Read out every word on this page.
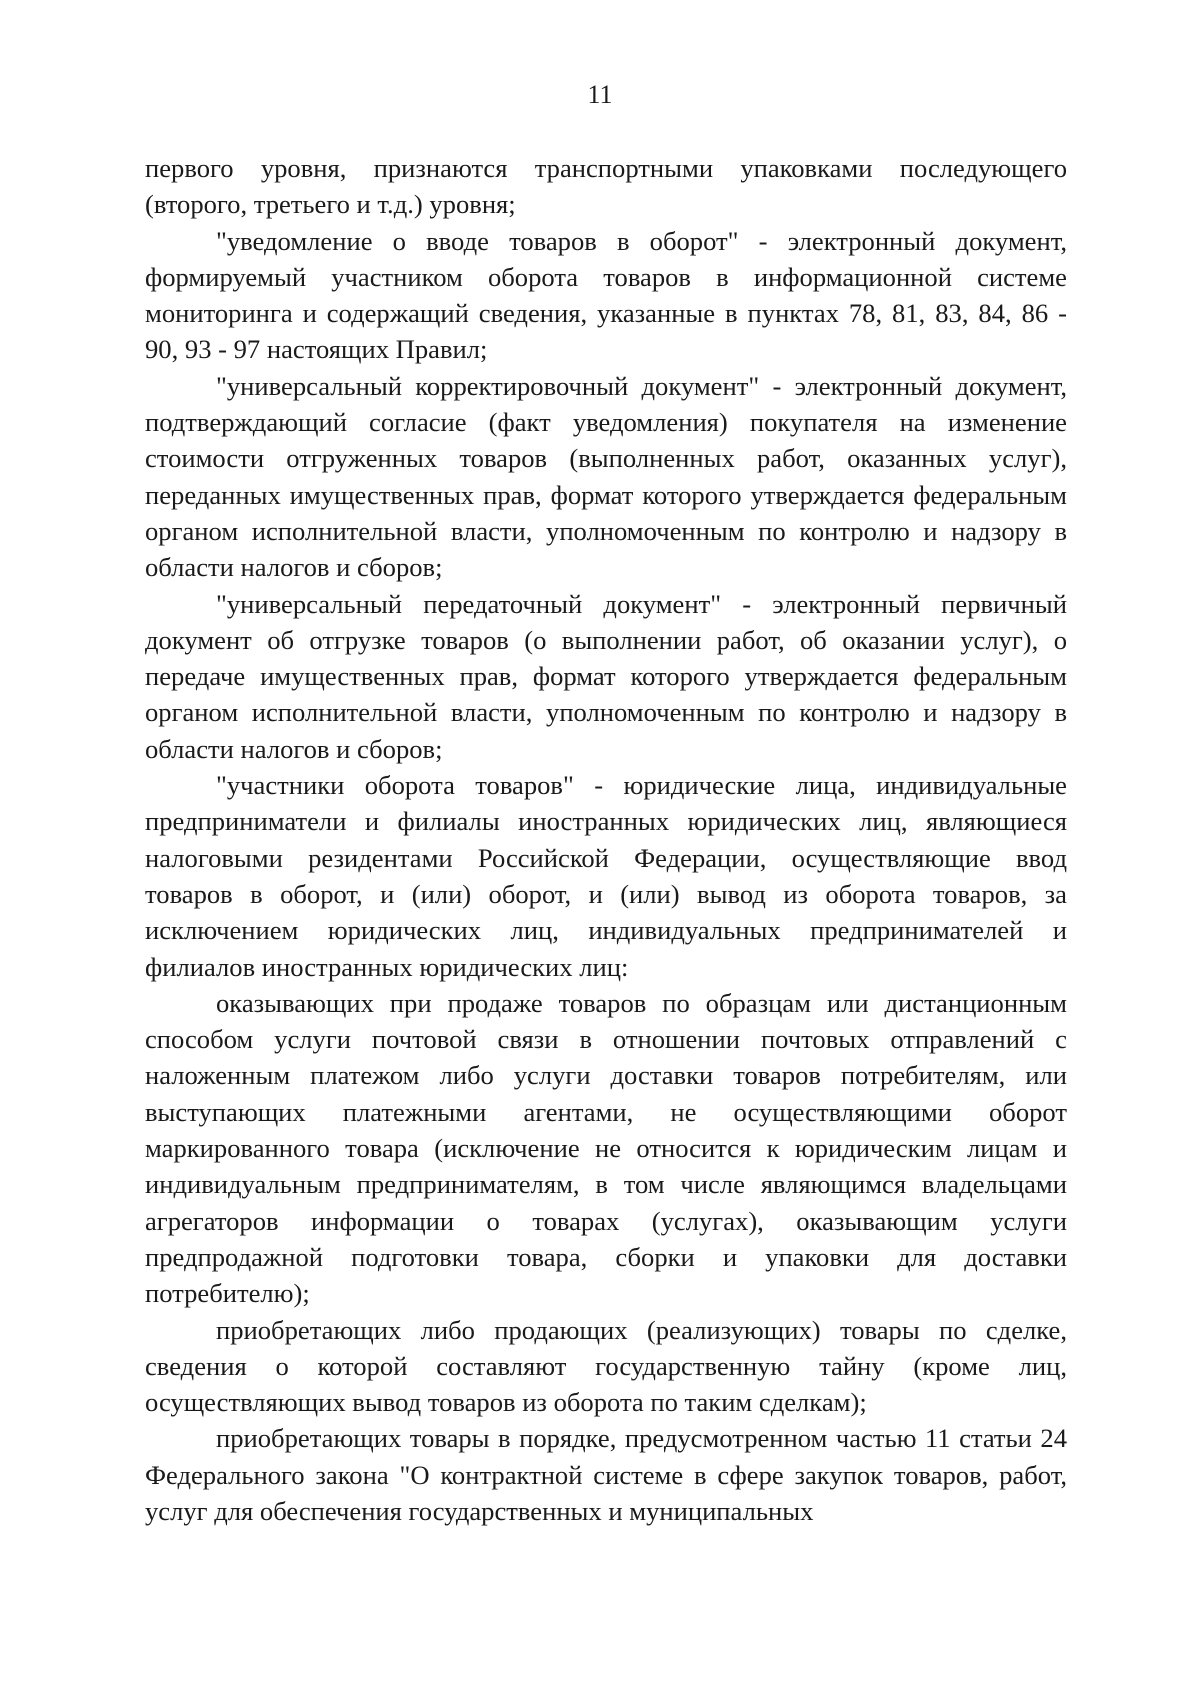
11

первого уровня, признаются транспортными упаковками последующего (второго, третьего и т.д.) уровня;

"уведомление о вводе товаров в оборот" - электронный документ, формируемый участником оборота товаров в информационной системе мониторинга и содержащий сведения, указанные в пунктах 78, 81, 83, 84, 86 - 90, 93 - 97 настоящих Правил;

"универсальный корректировочный документ" - электронный документ, подтверждающий согласие (факт уведомления) покупателя на изменение стоимости отгруженных товаров (выполненных работ, оказанных услуг), переданных имущественных прав, формат которого утверждается федеральным органом исполнительной власти, уполномоченным по контролю и надзору в области налогов и сборов;

"универсальный передаточный документ" - электронный первичный документ об отгрузке товаров (о выполнении работ, об оказании услуг), о передаче имущественных прав, формат которого утверждается федеральным органом исполнительной власти, уполномоченным по контролю и надзору в области налогов и сборов;

"участники оборота товаров" - юридические лица, индивидуальные предприниматели и филиалы иностранных юридических лиц, являющиеся налоговыми резидентами Российской Федерации, осуществляющие ввод товаров в оборот, и (или) оборот, и (или) вывод из оборота товаров, за исключением юридических лиц, индивидуальных предпринимателей и филиалов иностранных юридических лиц:

оказывающих при продаже товаров по образцам или дистанционным способом услуги почтовой связи в отношении почтовых отправлений с наложенным платежом либо услуги доставки товаров потребителям, или выступающих платежными агентами, не осуществляющими оборот маркированного товара (исключение не относится к юридическим лицам и индивидуальным предпринимателям, в том числе являющимся владельцами агрегаторов информации о товарах (услугах), оказывающим услуги предпродажной подготовки товара, сборки и упаковки для доставки потребителю);

приобретающих либо продающих (реализующих) товары по сделке, сведения о которой составляют государственную тайну (кроме лиц, осуществляющих вывод товаров из оборота по таким сделкам);

приобретающих товары в порядке, предусмотренном частью 11 статьи 24 Федерального закона "О контрактной системе в сфере закупок товаров, работ, услуг для обеспечения государственных и муниципальных
